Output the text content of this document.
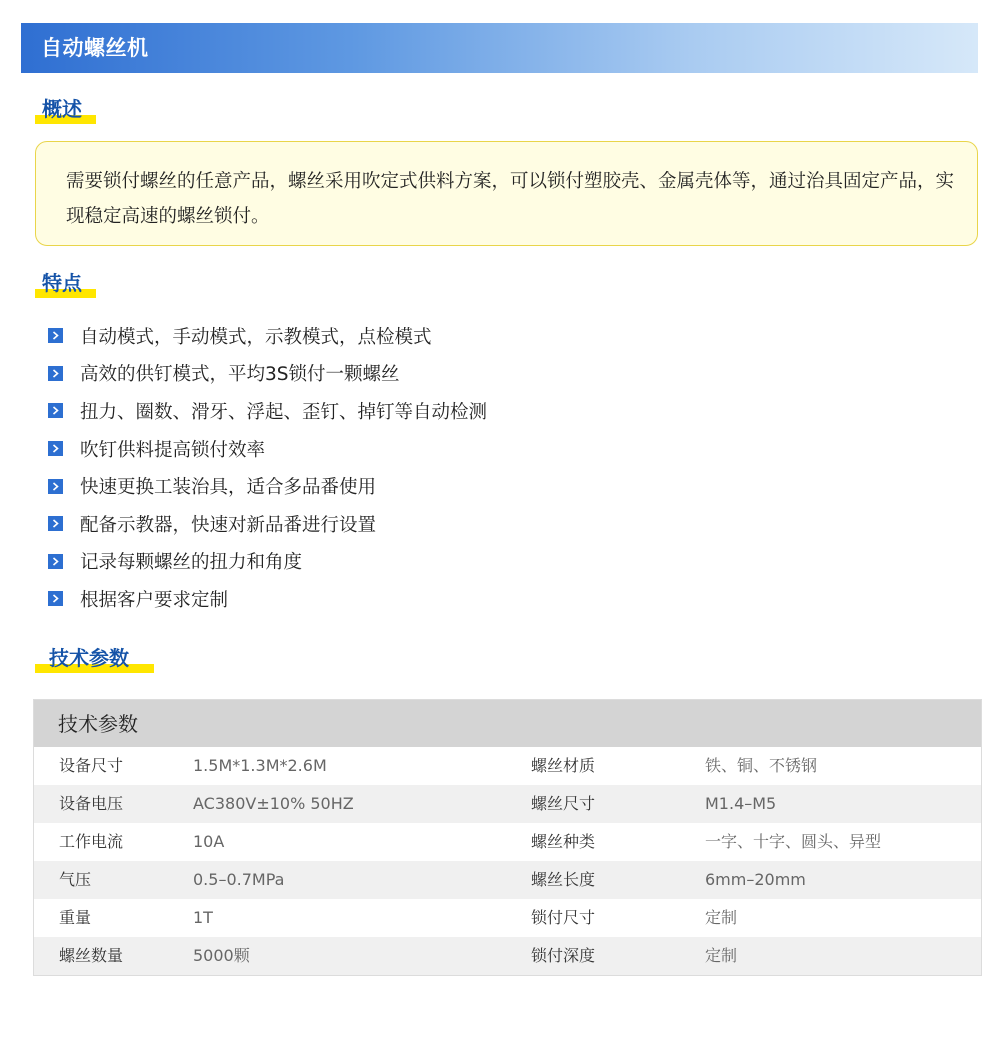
自动螺丝机
概述
需要锁付螺丝的任意产品，螺丝采用吹定式供料方案，可以锁付塑胶壳、金属壳体等，通过治具固定产品，实现稳定高速的螺丝锁付。
特点
自动模式，手动模式，示教模式，点检模式
高效的供钉模式，平均3S锁付一颗螺丝
扭力、圈数、滑牙、浮起、歪钉、掉钉等自动检测
吹钉供料提高锁付效率
快速更换工装治具，适合多品番使用
配备示教器，快速对新品番进行设置
记录每颗螺丝的扭力和角度
根据客户要求定制
技术参数
技术参数
设备尺寸	1.5M*1.3M*2.6M	螺丝材质	铁、铜、不锈钢
设备电压	AC380V±10% 50HZ	螺丝尺寸	M1.4–M5
工作电流	10A	螺丝种类	一字、十字、圆头、异型
气压	0.5–0.7MPa	螺丝长度	6mm–20mm
重量	1T	锁付尺寸	定制
螺丝数量	5000颗	锁付深度	定制
